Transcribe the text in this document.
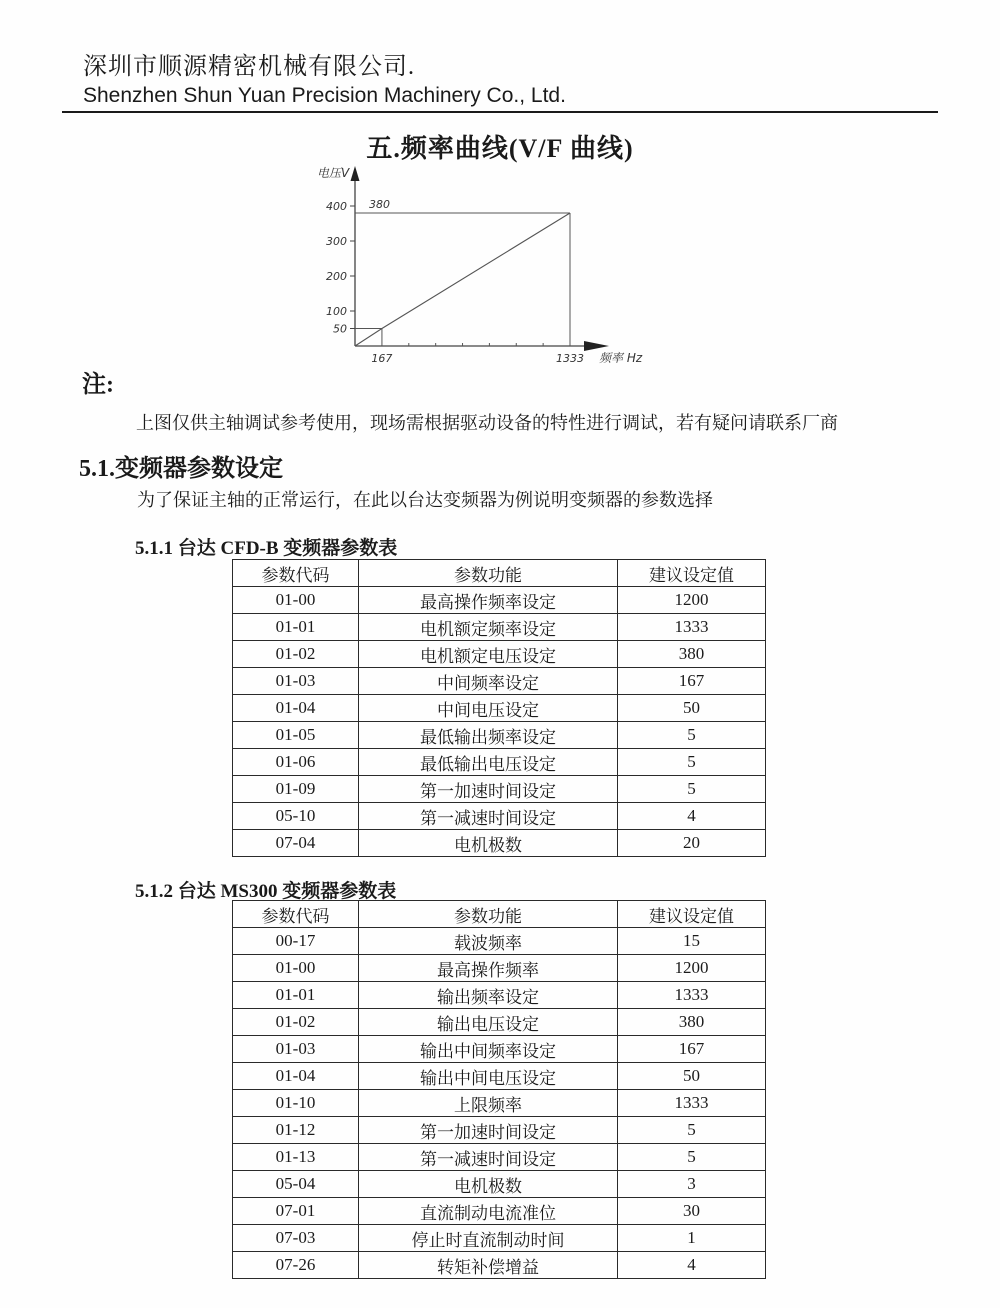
深圳市顺源精密机械有限公司.
Shenzhen Shun Yuan Precision Machinery Co., Ltd.
五.频率曲线(V/F 曲线)
50
100
200
300
400
167	1333
380
电压V
频率 Hz
注:
上图仅供主轴调试参考使用，现场需根据驱动设备的特性进行调试，若有疑问请联系厂商
5.1.变频器参数设定
为了保证主轴的正常运行，在此以台达变频器为例说明变频器的参数选择
5.1.1 台达 CFD-B 变频器参数表
参数代码	参数功能	建议设定值
01-00	最高操作频率设定	1200
01-01	电机额定频率设定	1333
01-02	电机额定电压设定	380
01-03	中间频率设定	167
01-04	中间电压设定	50
01-05	最低输出频率设定	5
01-06	最低输出电压设定	5
01-09	第一加速时间设定	5
05-10	第一减速时间设定	4
07-04	电机极数	20
5.1.2 台达 MS300 变频器参数表
参数代码	参数功能	建议设定值
00-17	载波频率	15
01-00	最高操作频率	1200
01-01	输出频率设定	1333
01-02	输出电压设定	380
01-03	输出中间频率设定	167
01-04	输出中间电压设定	50
01-10	上限频率	1333
01-12	第一加速时间设定	5
01-13	第一减速时间设定	5
05-04	电机极数	3
07-01	直流制动电流准位	30
07-03	停止时直流制动时间	1
07-26	转矩补偿增益	4
